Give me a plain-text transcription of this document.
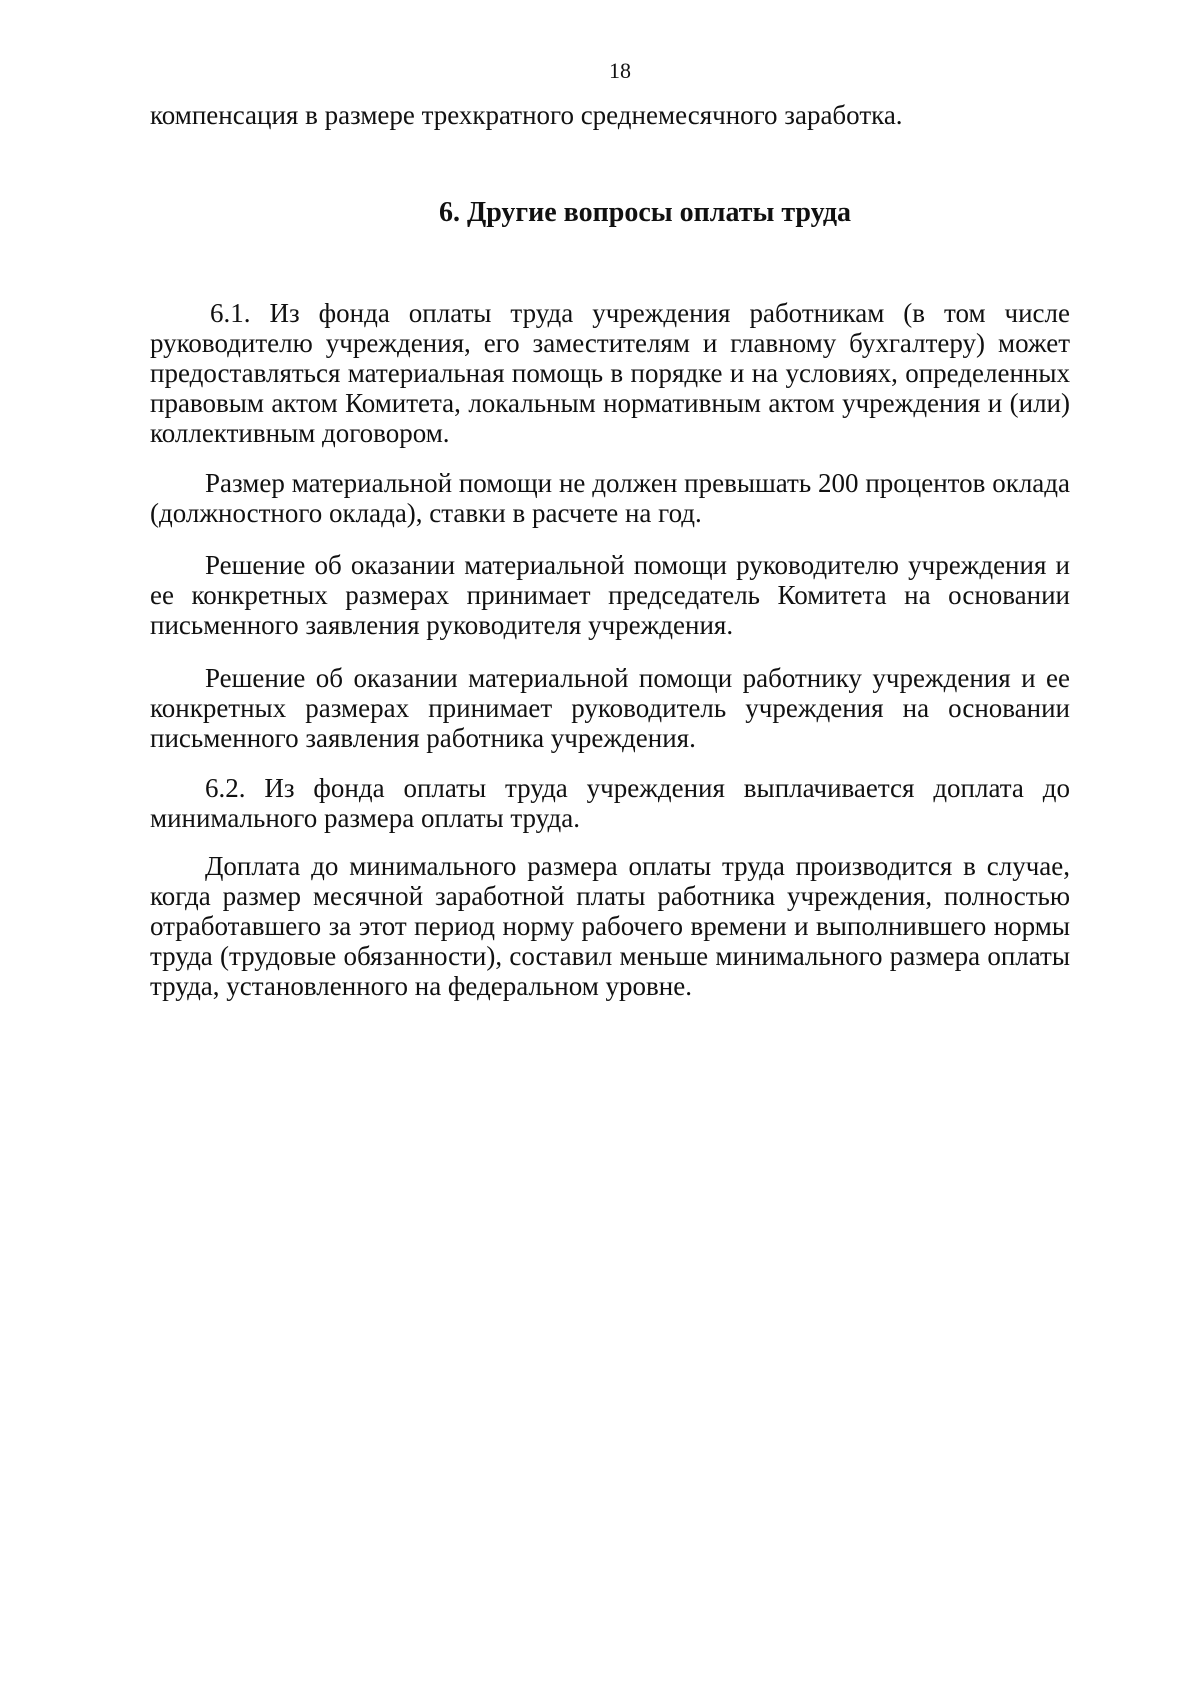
18
компенсация в размере трехкратного среднемесячного заработка.
6. Другие вопросы оплаты труда
6.1. Из фонда оплаты труда учреждения работникам (в том числе руководителю учреждения, его заместителям и главному бухгалтеру) может предоставляться материальная помощь в порядке и на условиях, определенных правовым актом Комитета, локальным нормативным актом учреждения и (или) коллективным договором.
Размер материальной помощи не должен превышать 200 процентов оклада (должностного оклада), ставки в расчете на год.
Решение об оказании материальной помощи руководителю учреждения и ее конкретных размерах принимает председатель Комитета на основании письменного заявления руководителя учреждения.
Решение об оказании материальной помощи работнику учреждения и ее конкретных размерах принимает руководитель учреждения на основании письменного заявления работника учреждения.
6.2. Из фонда оплаты труда учреждения выплачивается доплата до минимального размера оплаты труда.
Доплата до минимального размера оплаты труда производится в случае, когда размер месячной заработной платы работника учреждения, полностью отработавшего за этот период норму рабочего времени и выполнившего нормы труда (трудовые обязанности), составил меньше минимального размера оплаты труда, установленного на федеральном уровне.
